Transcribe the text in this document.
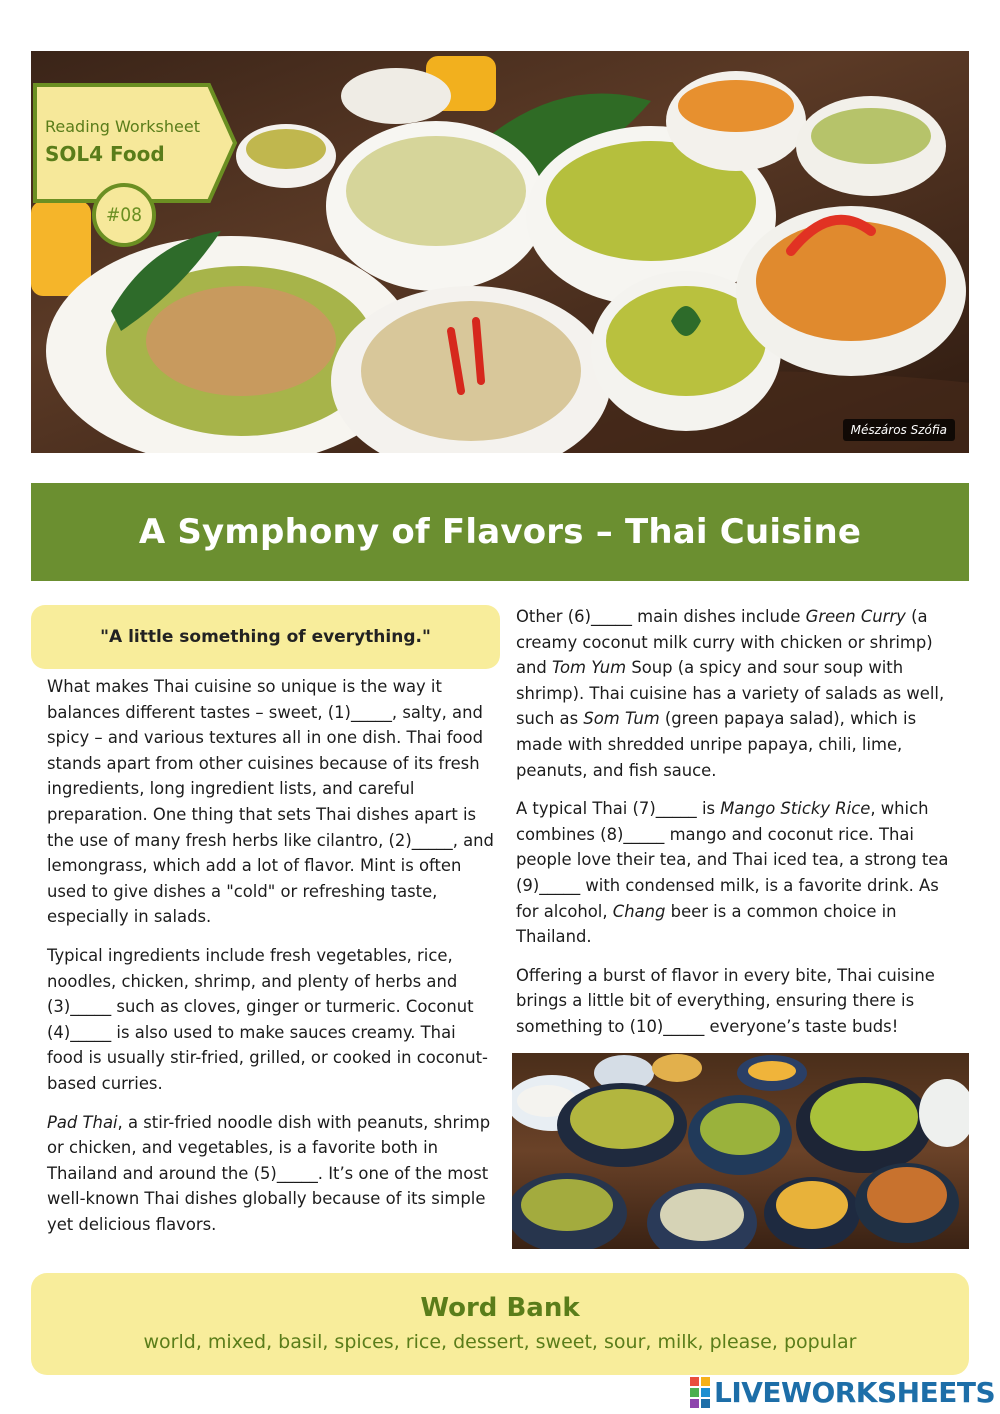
Mészáros Szófia
Reading Worksheet
SOL4 Food
#08
A Symphony of Flavors – Thai Cuisine
"A little something of everything."

What makes Thai cuisine so unique is the way it balances different tastes – sweet, (1)_____, salty, and spicy – and various textures all in one dish. Thai food stands apart from other cuisines because of its fresh ingredients, long ingredient lists, and careful preparation. One thing that sets Thai dishes apart is the use of many fresh herbs like cilantro, (2)_____, and lemongrass, which add a lot of flavor. Mint is often used to give dishes a "cold" or refreshing taste, especially in salads.

Typical ingredients include fresh vegetables, rice, noodles, chicken, shrimp, and plenty of herbs and (3)_____ such as cloves, ginger or turmeric. Coconut (4)_____ is also used to make sauces creamy. Thai food is usually stir-fried, grilled, or cooked in coconut-based curries.

Pad Thai, a stir-fried noodle dish with peanuts, shrimp or chicken, and vegetables, is a favorite both in Thailand and around the (5)_____. It’s one of the most well-known Thai dishes globally because of its simple yet delicious flavors.

Other (6)_____ main dishes include Green Curry (a creamy coconut milk curry with chicken or shrimp) and Tom Yum Soup (a spicy and sour soup with shrimp). Thai cuisine has a variety of salads as well, such as Som Tum (green papaya salad), which is made with shredded unripe papaya, chili, lime, peanuts, and fish sauce.

A typical Thai (7)_____ is Mango Sticky Rice, which combines (8)_____ mango and coconut rice. Thai people love their tea, and Thai iced tea, a strong tea (9)_____ with condensed milk, is a favorite drink. As for alcohol, Chang beer is a common choice in Thailand.

Offering a burst of flavor in every bite, Thai cuisine brings a little bit of everything, ensuring there is something to (10)_____ everyone’s taste buds!

Word Bank
world, mixed, basil, spices, rice, dessert, sweet, sour, milk, please, popular
LIVEWORKSHEETS
